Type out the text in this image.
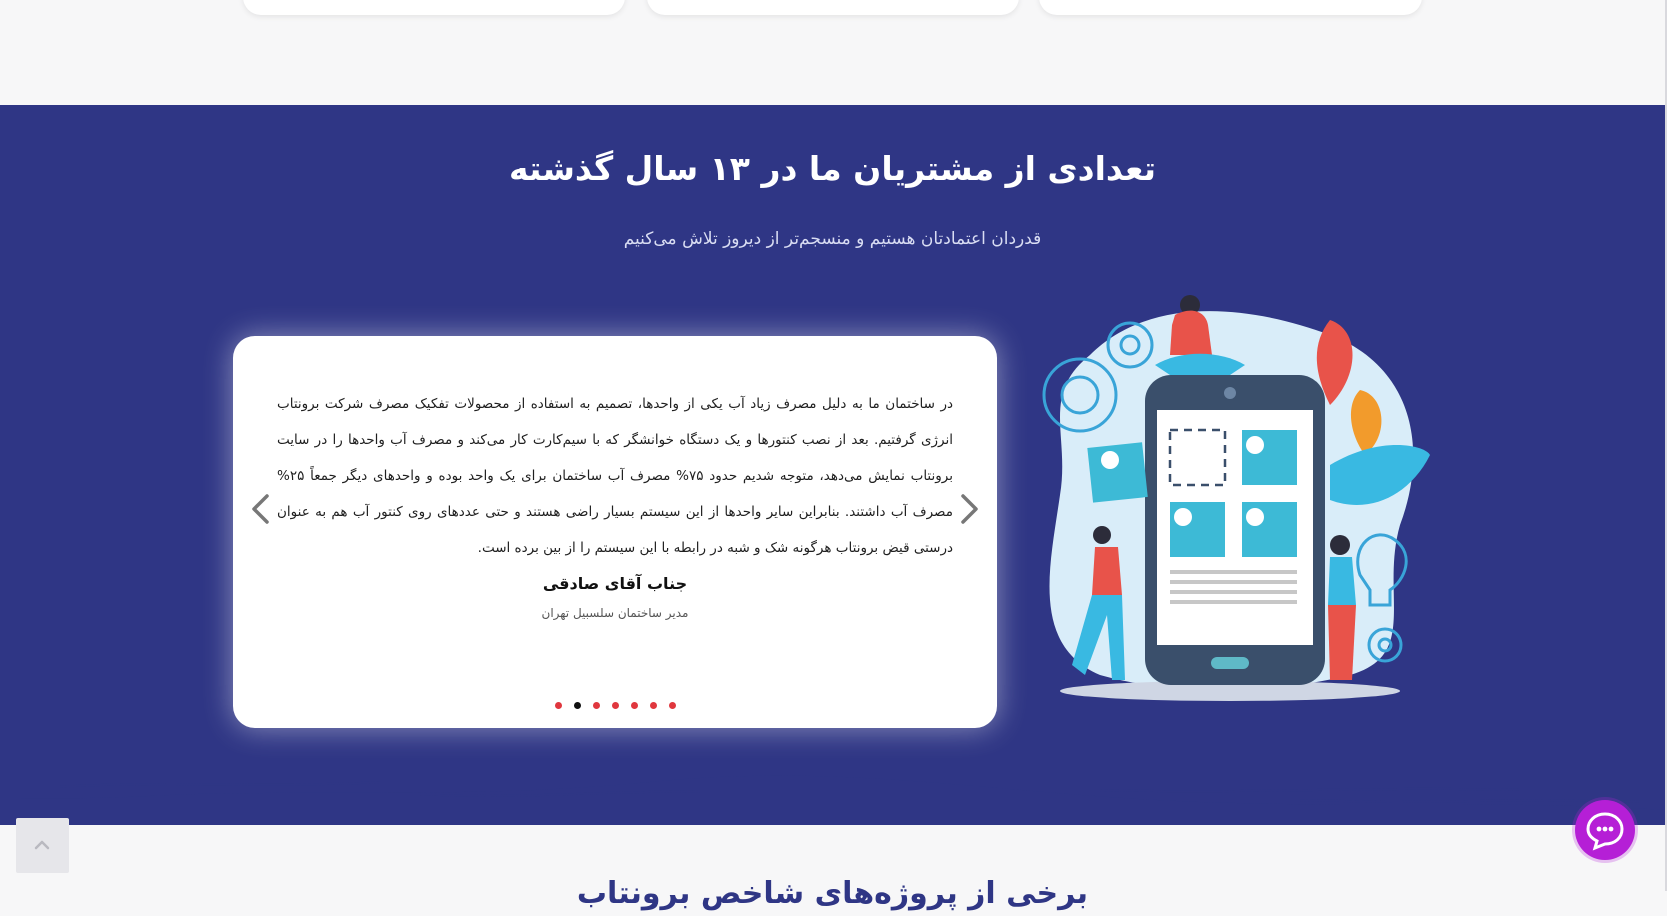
تعدادی از مشتریان ما در ۱۳ سال گذشته

قدردان اعتمادتان هستیم و منسجم‌تر از دیروز تلاش می‌کنیم

در ساختمان ما به دلیل مصرف زیاد آب یکی از واحدها، تصمیم به استفاده از محصولات تفکیک مصرف شرکت برونتاب انرژی گرفتیم. بعد از نصب کنتورها و یک دستگاه خوانشگر که با سیم‌کارت کار می‌کند و مصرف آب واحدها را در سایت برونتاب نمایش می‌دهد، متوجه شدیم حدود ۷۵% مصرف آب ساختمان برای یک واحد بوده و واحدهای دیگر جمعاً ۲۵% مصرف آب داشتند. بنابراین سایر واحدها از این سیستم بسیار راضی هستند و حتی عددهای روی کنتور آب هم به عنوان درستی قیض برونتاب هرگونه شک و شبه در رابطه با این سیستم را از بین برده است.

جناب آقای صادقی

مدیر ساختمان سلسبیل تهران

برخی از پروژه‌های شاخص برونتاب
